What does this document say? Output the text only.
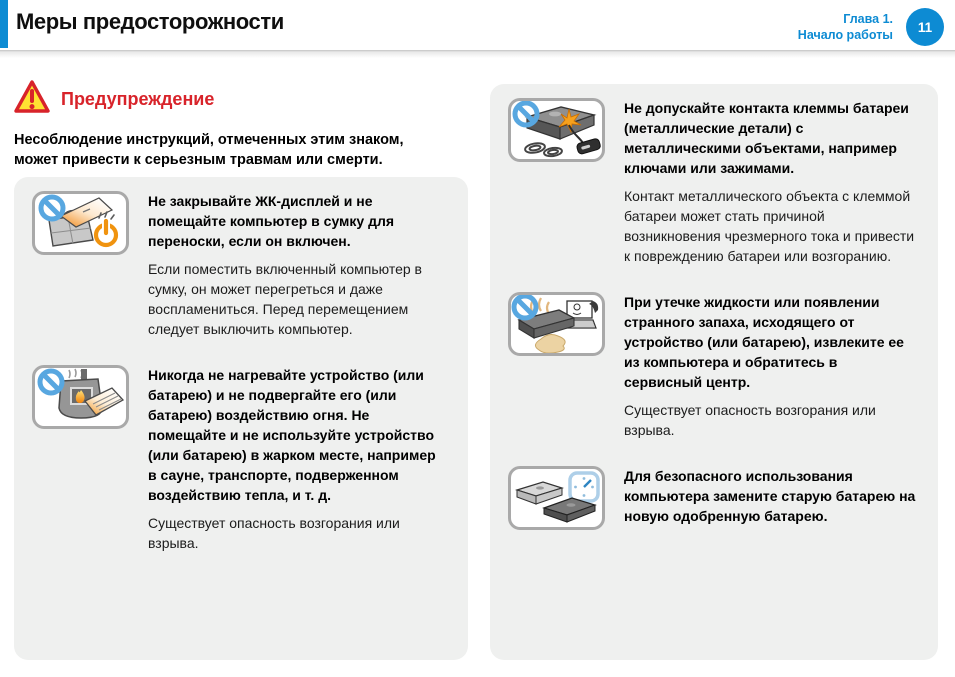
Меры предосторожности	Глава 1.
Начало работы
11
Предупреждение
Несоблюдение инструкций, отмеченных этим знаком, может привести к серьезным травмам или смерти.

Не закрывайте ЖК-дисплей и не помещайте компьютер в сумку для переноски, если он включен.

Если поместить включенный компьютер в сумку, он может перегреться и даже воспламениться. Перед перемещением следует выключить компьютер.

Никогда не нагревайте устройство (или батарею) и не подвергайте его (или батарею) воздействию огня. Не помещайте и не используйте устройство (или батарею) в жарком месте, например в сауне, транспорте, подверженном воздействию тепла, и т. д.

Существует опасность возгорания или взрыва.

Не допускайте контакта клеммы батареи (металлические детали) с металлическими объектами, например ключами или зажимами.

Контакт металлического объекта с клеммой батареи может стать причиной возникновения чрезмерного тока и привести к повреждению батареи или возгоранию.

При утечке жидкости или появлении странного запаха, исходящего от устройство (или батарею), извлеките ее из компьютера и обратитесь в сервисный центр.

Существует опасность возгорания или взрыва.

Для безопасного использования компьютера замените старую батарею на новую одобренную батарею.
